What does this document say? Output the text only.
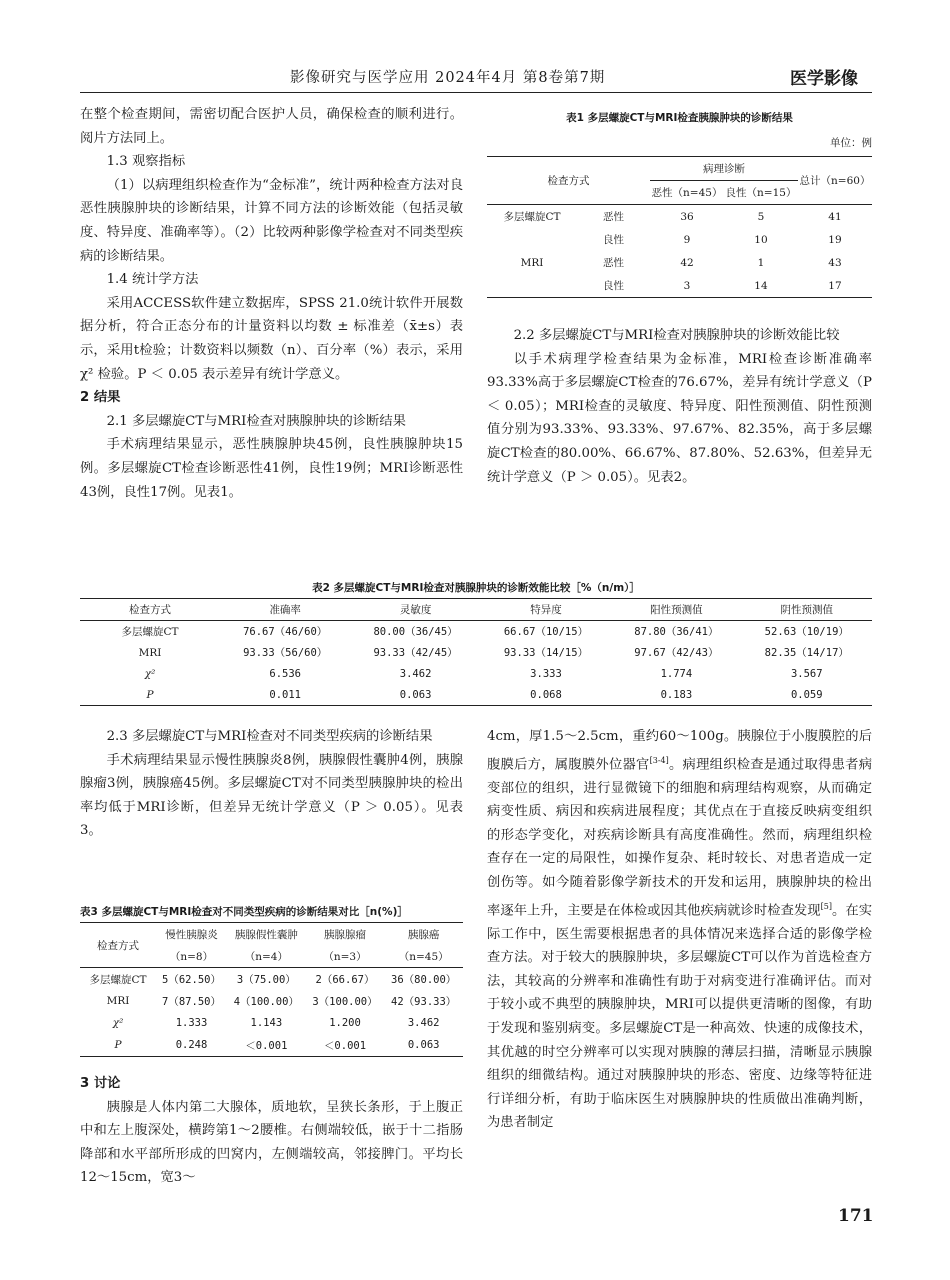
影像研究与医学应用 2024年4月 第8卷第7期	医学影像

在整个检查期间，需密切配合医护人员，确保检查的顺利进行。阅片方法同上。

1.3 观察指标

（1）以病理组织检查作为“金标准”，统计两种检查方法对良恶性胰腺肿块的诊断结果，计算不同方法的诊断效能（包括灵敏度、特异度、准确率等）。（2）比较两种影像学检查对不同类型疾病的诊断结果。

1.4 统计学方法

采用ACCESS软件建立数据库，SPSS 21.0统计软件开展数据分析，符合正态分布的计量资料以均数 ± 标准差（x̄±s）表示，采用t检验；计数资料以频数（n）、百分率（%）表示，采用 χ² 检验。P ＜ 0.05 表示差异有统计学意义。

2 结果

2.1 多层螺旋CT与MRI检查对胰腺肿块的诊断结果

手术病理结果显示，恶性胰腺肿块45例，良性胰腺肿块15例。多层螺旋CT检查诊断恶性41例，良性19例；MRI诊断恶性43例，良性17例。见表1。

表1 多层螺旋CT与MRI检查胰腺肿块的诊断结果
单位：例
检查方式		病理诊断		总计（n=60）
		恶性（n=45）	良性（n=15）	
多层螺旋CT	恶性	36	5	41
	良性	9	10	19
MRI	恶性	42	1	43
	良性	3	14	17

2.2 多层螺旋CT与MRI检查对胰腺肿块的诊断效能比较

以手术病理学检查结果为金标准，MRI检查诊断准确率93.33%高于多层螺旋CT检查的76.67%，差异有统计学意义（P ＜ 0.05）；MRI检查的灵敏度、特异度、阳性预测值、阴性预测值分别为93.33%、93.33%、97.67%、82.35%，高于多层螺旋CT检查的80.00%、66.67%、87.80%、52.63%，但差异无统计学意义（P ＞ 0.05）。见表2。

表2 多层螺旋CT与MRI检查对胰腺肿块的诊断效能比较［%（n/m）］
检查方式	准确率	灵敏度	特异度	阳性预测值	阴性预测值
多层螺旋CT	76.67（46/60）	80.00（36/45）	66.67（10/15）	87.80（36/41）	52.63（10/19）
MRI	93.33（56/60）	93.33（42/45）	93.33（14/15）	97.67（42/43）	82.35（14/17）
χ²	6.536	3.462	3.333	1.774	3.567
P	0.011	0.063	0.068	0.183	0.059

2.3 多层螺旋CT与MRI检查对不同类型疾病的诊断结果

手术病理结果显示慢性胰腺炎8例，胰腺假性囊肿4例，胰腺腺瘤3例，胰腺癌45例。多层螺旋CT对不同类型胰腺肿块的检出率均低于MRI诊断，但差异无统计学意义（P ＞ 0.05）。见表3。

表3 多层螺旋CT与MRI检查对不同类型疾病的诊断结果对比［n(%)］
检查方式	慢性胰腺炎	胰腺假性囊肿	胰腺腺瘤	胰腺癌
	（n=8）	（n=4）	（n=3）	（n=45）
多层螺旋CT	5（62.50）	3（75.00）	2（66.67）	36（80.00）
MRI	7（87.50）	4（100.00）	3（100.00）	42（93.33）
χ²	1.333	1.143	1.200	3.462
P	0.248	＜0.001	＜0.001	0.063

3 讨论

胰腺是人体内第二大腺体，质地软，呈狭长条形，于上腹正中和左上腹深处，横跨第1～2腰椎。右侧端较低，嵌于十二指肠降部和水平部所形成的凹窝内，左侧端较高，邻接脾门。平均长12～15cm，宽3～

4cm，厚1.5～2.5cm，重约60～100g。胰腺位于小腹膜腔的后腹膜后方，属腹膜外位器官[3-4]。病理组织检查是通过取得患者病变部位的组织，进行显微镜下的细胞和病理结构观察，从而确定病变性质、病因和疾病进展程度；其优点在于直接反映病变组织的形态学变化，对疾病诊断具有高度准确性。然而，病理组织检查存在一定的局限性，如操作复杂、耗时较长、对患者造成一定创伤等。如今随着影像学新技术的开发和运用，胰腺肿块的检出率逐年上升，主要是在体检或因其他疾病就诊时检查发现[5]。在实际工作中，医生需要根据患者的具体情况来选择合适的影像学检查方法。对于较大的胰腺肿块，多层螺旋CT可以作为首选检查方法，其较高的分辨率和准确性有助于对病变进行准确评估。而对于较小或不典型的胰腺肿块，MRI可以提供更清晰的图像，有助于发现和鉴别病变。多层螺旋CT是一种高效、快速的成像技术，其优越的时空分辨率可以实现对胰腺的薄层扫描，清晰显示胰腺组织的细微结构。通过对胰腺肿块的形态、密度、边缘等特征进行详细分析，有助于临床医生对胰腺肿块的性质做出准确判断，为患者制定

171
